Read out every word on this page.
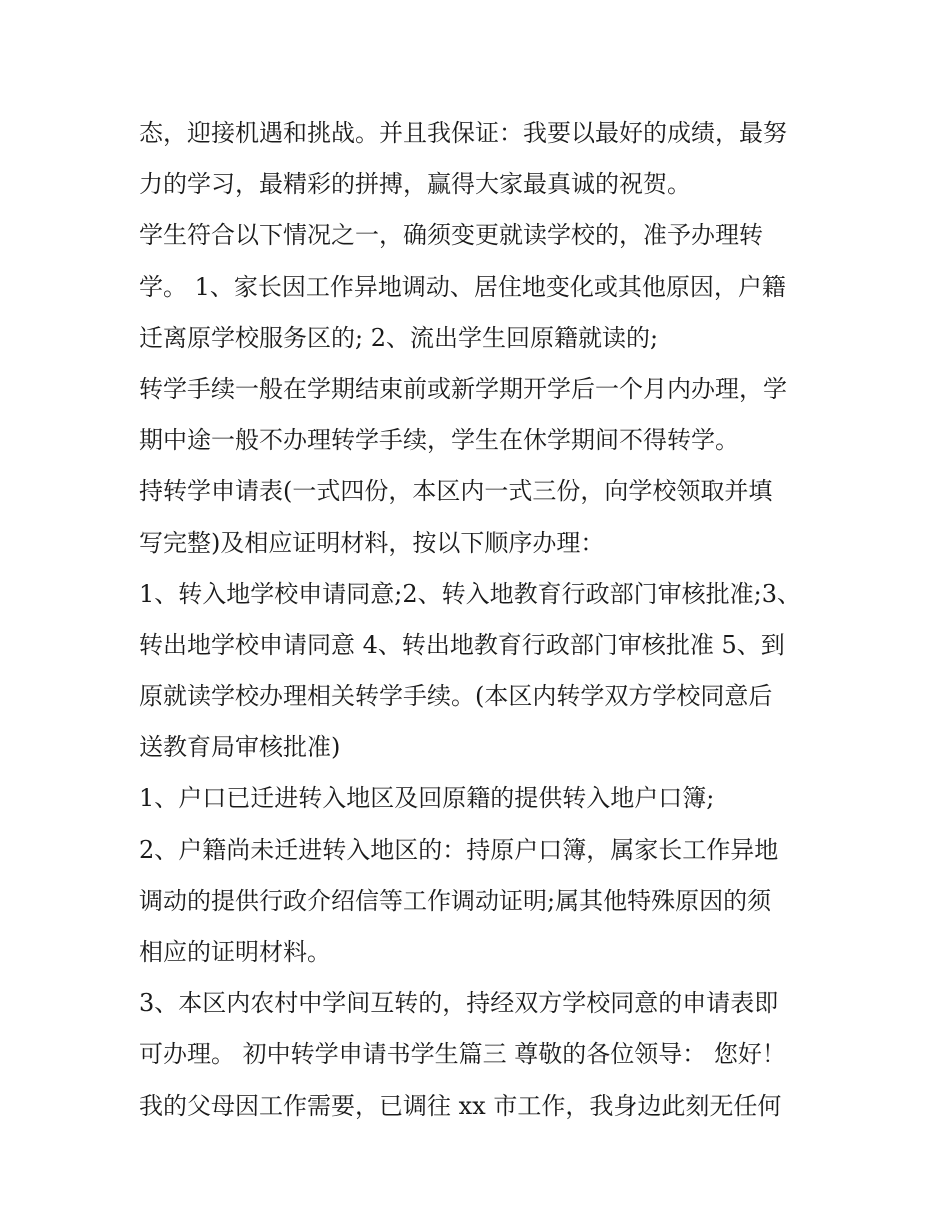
态，迎接机遇和挑战。并且我保证：我要以最好的成绩，最努
力的学习，最精彩的拼搏，赢得大家最真诚的祝贺。
学生符合以下情况之一，确须变更就读学校的，准予办理转
学。 1、家长因工作异地调动、居住地变化或其他原因，户籍
迁离原学校服务区的; 2、流出学生回原籍就读的;
转学手续一般在学期结束前或新学期开学后一个月内办理，学
期中途一般不办理转学手续，学生在休学期间不得转学。
持转学申请表(一式四份，本区内一式三份，向学校领取并填
写完整)及相应证明材料，按以下顺序办理：
1、转入地学校申请同意;2、转入地教育行政部门审核批准;3、
转出地学校申请同意 4、转出地教育行政部门审核批准 5、到
原就读学校办理相关转学手续。(本区内转学双方学校同意后
送教育局审核批准)
1、户口已迁进转入地区及回原籍的提供转入地户口簿;
2、户籍尚未迁进转入地区的：持原户口簿，属家长工作异地
调动的提供行政介绍信等工作调动证明;属其他特殊原因的须
相应的证明材料。
3、本区内农村中学间互转的，持经双方学校同意的申请表即
可办理。 初中转学申请书学生篇三 尊敬的各位领导： 您好！
我的父母因工作需要，已调往 xx 市工作，我身边此刻无任何
